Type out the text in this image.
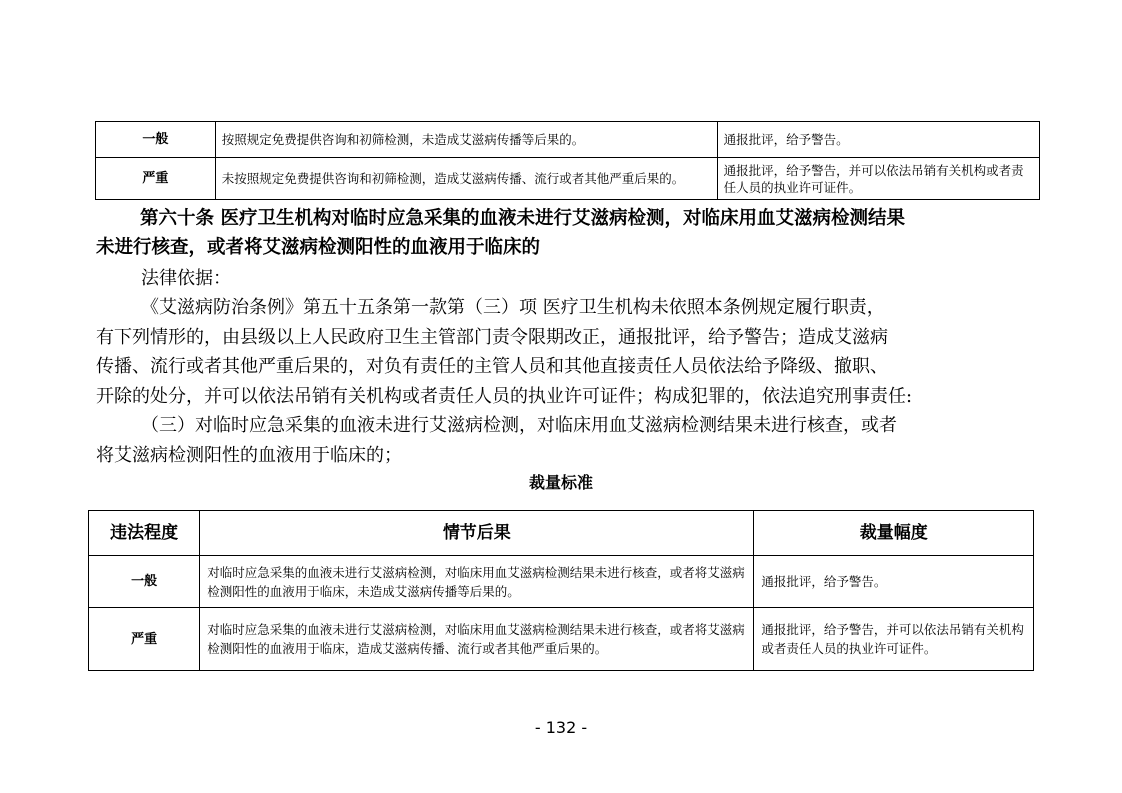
一般	按照规定免费提供咨询和初筛检测，未造成艾滋病传播等后果的。	通报批评，给予警告。
严重	未按照规定免费提供咨询和初筛检测，造成艾滋病传播、流行或者其他严重后果的。	通报批评，给予警告，并可以依法吊销有关机构或者责任人员的执业许可证件。
第六十条 医疗卫生机构对临时应急采集的血液未进行艾滋病检测，对临床用血艾滋病检测结果
未进行核查，或者将艾滋病检测阳性的血液用于临床的
法律依据：
《艾滋病防治条例》第五十五条第一款第（三）项 医疗卫生机构未依照本条例规定履行职责，
有下列情形的，由县级以上人民政府卫生主管部门责令限期改正，通报批评，给予警告；造成艾滋病
传播、流行或者其他严重后果的，对负有责任的主管人员和其他直接责任人员依法给予降级、撤职、
开除的处分，并可以依法吊销有关机构或者责任人员的执业许可证件；构成犯罪的，依法追究刑事责任:
（三）对临时应急采集的血液未进行艾滋病检测，对临床用血艾滋病检测结果未进行核查，或者
将艾滋病检测阳性的血液用于临床的；
裁量标准
违法程度	情节后果	裁量幅度
一般	对临时应急采集的血液未进行艾滋病检测，对临床用血艾滋病检测结果未进行核查，或者将艾滋病检测阳性的血液用于临床，未造成艾滋病传播等后果的。	通报批评，给予警告。
严重	对临时应急采集的血液未进行艾滋病检测，对临床用血艾滋病检测结果未进行核查，或者将艾滋病检测阳性的血液用于临床，造成艾滋病传播、流行或者其他严重后果的。	通报批评，给予警告，并可以依法吊销有关机构或者责任人员的执业许可证件。
- 132 -
